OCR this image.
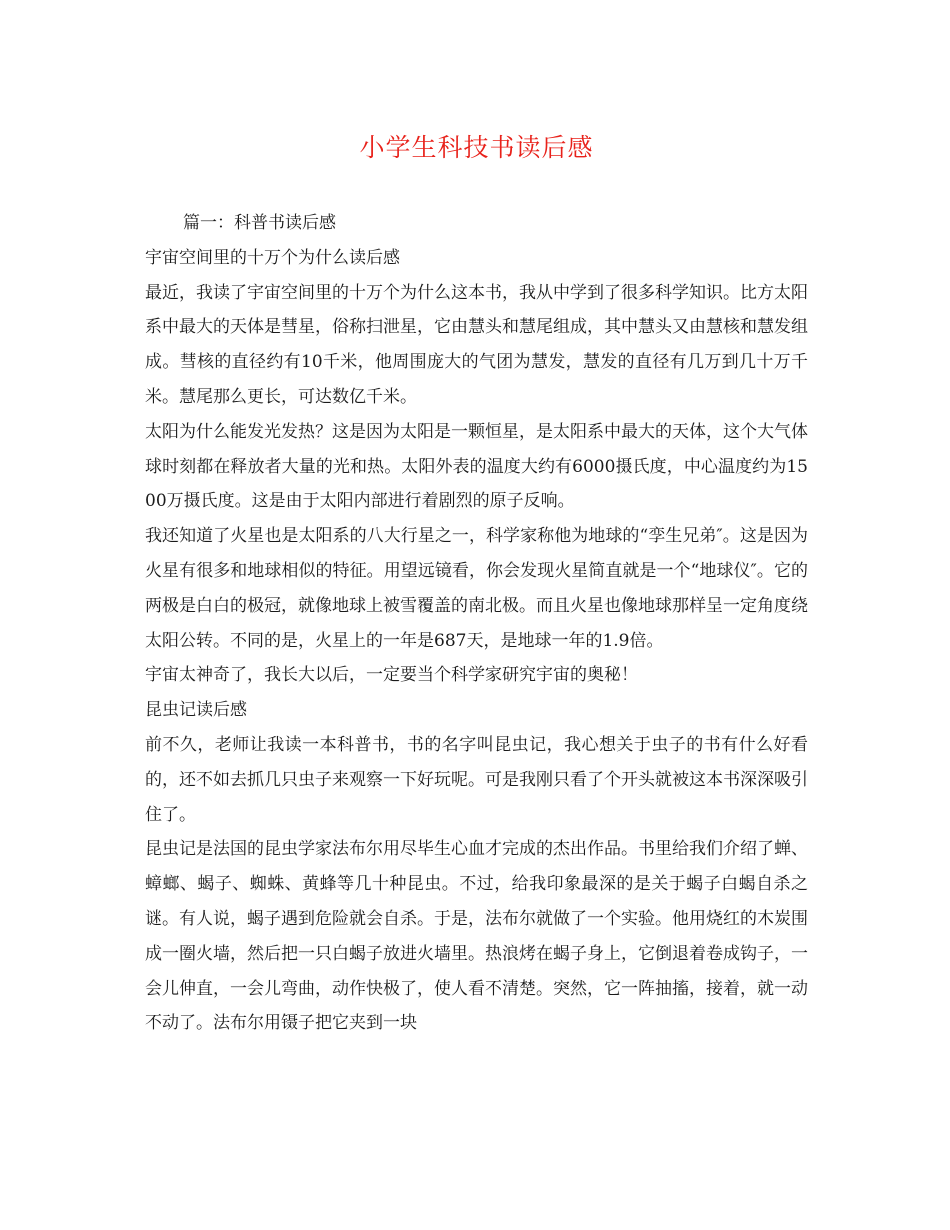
小学生科技书读后感

篇一：科普书读后感

宇宙空间里的十万个为什么读后感

最近，我读了宇宙空间里的十万个为什么这本书，我从中学到了很多科学知识。比方太阳系中最大的天体是彗星，俗称扫泄星，它由慧头和慧尾组成，其中慧头又由慧核和慧发组成。彗核的直径约有10千米，他周围庞大的气团为慧发，慧发的直径有几万到几十万千米。慧尾那么更长，可达数亿千米。

太阳为什么能发光发热？这是因为太阳是一颗恒星，是太阳系中最大的天体，这个大气体球时刻都在释放者大量的光和热。太阳外表的温度大约有6000摄氏度，中心温度约为1500万摄氏度。这是由于太阳内部进行着剧烈的原子反响。

我还知道了火星也是太阳系的八大行星之一，科学家称他为地球的“孪生兄弟″。这是因为火星有很多和地球相似的特征。用望远镜看，你会发现火星简直就是一个“地球仪″。它的两极是白白的极冠，就像地球上被雪覆盖的南北极。而且火星也像地球那样呈一定角度绕太阳公转。不同的是，火星上的一年是687天，是地球一年的1.9倍。

宇宙太神奇了，我长大以后，一定要当个科学家研究宇宙的奥秘！

昆虫记读后感

前不久，老师让我读一本科普书，书的名字叫昆虫记，我心想关于虫子的书有什么好看的，还不如去抓几只虫子来观察一下好玩呢。可是我刚只看了个开头就被这本书深深吸引住了。

昆虫记是法国的昆虫学家法布尔用尽毕生心血才完成的杰出作品。书里给我们介绍了蝉、蟑螂、蝎子、蜘蛛、黄蜂等几十种昆虫。不过，给我印象最深的是关于蝎子白蝎自杀之谜。有人说，蝎子遇到危险就会自杀。于是，法布尔就做了一个实验。他用烧红的木炭围成一圈火墙，然后把一只白蝎子放进火墙里。热浪烤在蝎子身上，它倒退着卷成钩子，一会儿伸直，一会儿弯曲，动作快极了，使人看不清楚。突然，它一阵抽搐，接着，就一动不动了。法布尔用镊子把它夹到一块
